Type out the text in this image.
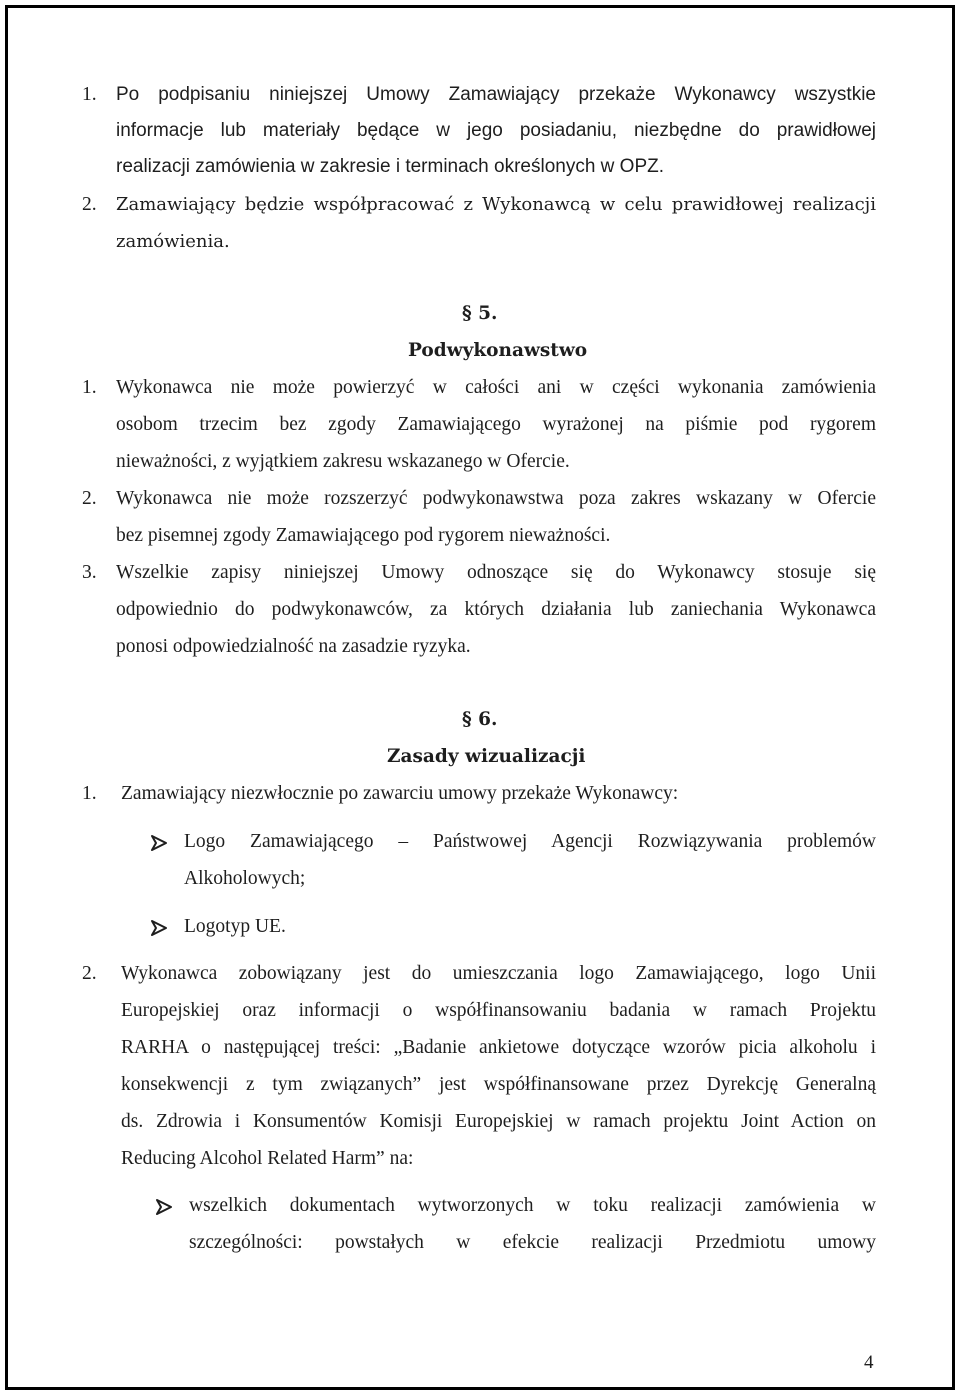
1. Po podpisaniu niniejszej Umowy Zamawiający przekaże Wykonawcy wszystkie
informacje lub materiały będące w jego posiadaniu, niezbędne do prawidłowej
realizacji zamówienia w zakresie i terminach określonych w OPZ.
2. Zamawiający będzie współpracować z Wykonawcą w celu prawidłowej realizacji
zamówienia.
§ 5.
Podwykonawstwo
1. Wykonawca nie może powierzyć w całości ani w części wykonania zamówienia
osobom trzecim bez zgody Zamawiającego wyrażonej na piśmie pod rygorem
nieważności, z wyjątkiem zakresu wskazanego w Ofercie.
2. Wykonawca nie może rozszerzyć podwykonawstwa poza zakres wskazany w Ofercie
bez pisemnej zgody Zamawiającego pod rygorem nieważności.
3. Wszelkie zapisy niniejszej Umowy odnoszące się do Wykonawcy stosuje się
odpowiednio do podwykonawców, za których działania lub zaniechania Wykonawca
ponosi odpowiedzialność na zasadzie ryzyka.
§ 6.
Zasady wizualizacji
1. Zamawiający niezwłocznie po zawarciu umowy przekaże Wykonawcy:
Logo Zamawiającego – Państwowej Agencji Rozwiązywania problemów
Alkoholowych;
Logotyp UE.
2. Wykonawca zobowiązany jest do umieszczania logo Zamawiającego, logo Unii
Europejskiej oraz informacji o współfinansowaniu badania w ramach Projektu
RARHA o następującej treści: „Badanie ankietowe dotyczące wzorów picia alkoholu i
konsekwencji z tym związanych” jest współfinansowane przez Dyrekcję Generalną
ds. Zdrowia i Konsumentów Komisji Europejskiej w ramach projektu Joint Action on
Reducing Alcohol Related Harm” na:
wszelkich dokumentach wytworzonych w toku realizacji zamówienia w
szczególności: powstałych w efekcie realizacji Przedmiotu umowy
4
